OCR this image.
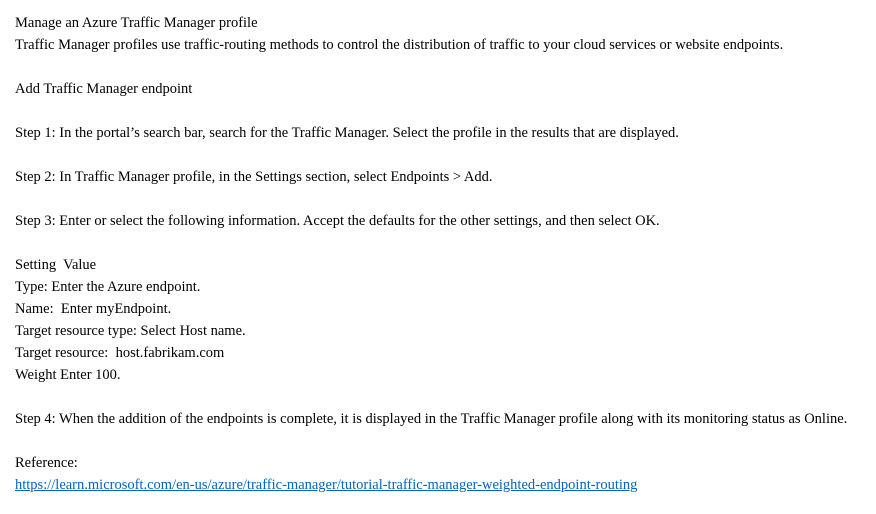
Manage an Azure Traffic Manager profile
Traffic Manager profiles use traffic-routing methods to control the distribution of traffic to your cloud services or website endpoints.
Add Traffic Manager endpoint
Step 1: In the portal’s search bar, search for the Traffic Manager. Select the profile in the results that are displayed.
Step 2: In Traffic Manager profile, in the Settings section, select Endpoints > Add.
Step 3: Enter or select the following information. Accept the defaults for the other settings, and then select OK.
Setting  Value
Type: Enter the Azure endpoint.
Name:  Enter myEndpoint.
Target resource type: Select Host name.
Target resource:  host.fabrikam.com
Weight Enter 100.
Step 4: When the addition of the endpoints is complete, it is displayed in the Traffic Manager profile along with its monitoring status as Online.
Reference:
https://learn.microsoft.com/en-us/azure/traffic-manager/tutorial-traffic-manager-weighted-endpoint-routing
